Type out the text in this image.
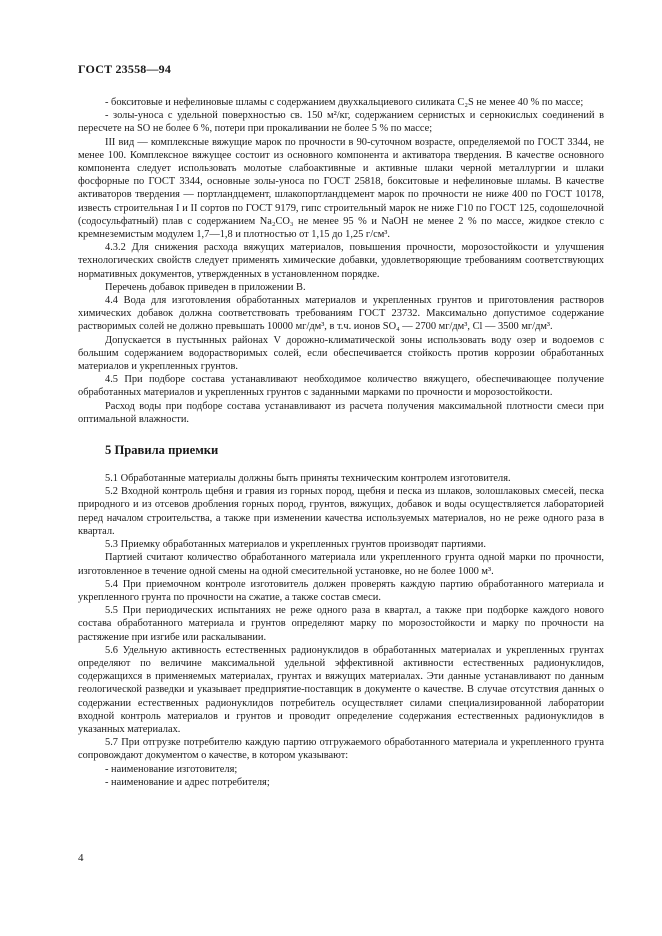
ГОСТ 23558—94

- бокситовые и нефелиновые шламы с содержанием двухкальциевого силиката C₂S не менее 40 % по массе;

- золы-уноса с удельной поверхностью св. 150 м²/кг, содержанием сернистых и сернокислых соединений в пересчете на SO не более 6 %, потери при прокаливании не более 5 % по массе;

III вид — комплексные вяжущие марок по прочности в 90-суточном возрасте, определяемой по ГОСТ 3344, не менее 100. Комплексное вяжущее состоит из основного компонента и активатора твердения. В качестве основного компонента следует использовать молотые слабоактивные и активные шлаки черной металлургии и шлаки фосфорные по ГОСТ 3344, основные золы-уноса по ГОСТ 25818, бокситовые и нефелиновые шламы. В качестве активаторов твердения — портландцемент, шлакопортландцемент марок по прочности не ниже 400 по ГОСТ 10178, известь строительная I и II сортов по ГОСТ 9179, гипс строительный марок не ниже Г10 по ГОСТ 125, содошелочной (содосульфатный) плав с содержанием Na₂CO₃ не менее 95 % и NaOH не менее 2 % по массе, жидкое стекло с кремнеземистым модулем 1,7—1,8 и плотностью от 1,15 до 1,25 г/см³.

4.3.2 Для снижения расхода вяжущих материалов, повышения прочности, морозостойкости и улучшения технологических свойств следует применять химические добавки, удовлетворяющие требованиям соответствующих нормативных документов, утвержденных в установленном порядке.

Перечень добавок приведен в приложении В.

4.4 Вода для изготовления обработанных материалов и укрепленных грунтов и приготовления растворов химических добавок должна соответствовать требованиям ГОСТ 23732. Максимально допустимое содержание растворимых солей не должно превышать 10000 мг/дм³, в т.ч. ионов SO₄ — 2700 мг/дм³, Cl — 3500 мг/дм³.

Допускается в пустынных районах V дорожно-климатической зоны использовать воду озер и водоемов с большим содержанием водорастворимых солей, если обеспечивается стойкость против коррозии обработанных материалов и укрепленных грунтов.

4.5 При подборе состава устанавливают необходимое количество вяжущего, обеспечивающее получение обработанных материалов и укрепленных грунтов с заданными марками по прочности и морозостойкости.

Расход воды при подборе состава устанавливают из расчета получения максимальной плотности смеси при оптимальной влажности.

5 Правила приемки

5.1 Обработанные материалы должны быть приняты техническим контролем изготовителя.

5.2 Входной контроль щебня и гравия из горных пород, щебня и песка из шлаков, золошлаковых смесей, песка природного и из отсевов дробления горных пород, грунтов, вяжущих, добавок и воды осуществляется лабораторией перед началом строительства, а также при изменении качества используемых материалов, но не реже одного раза в квартал.

5.3 Приемку обработанных материалов и укрепленных грунтов производят партиями.

Партией считают количество обработанного материала или укрепленного грунта одной марки по прочности, изготовленное в течение одной смены на одной смесительной установке, но не более 1000 м³.

5.4 При приемочном контроле изготовитель должен проверять каждую партию обработанного материала и укрепленного грунта по прочности на сжатие, а также состав смеси.

5.5 При периодических испытаниях не реже одного раза в квартал, а также при подборке каждого нового состава обработанного материала и грунтов определяют марку по морозостойкости и марку по прочности на растяжение при изгибе или раскалывании.

5.6 Удельную активность естественных радионуклидов в обработанных материалах и укрепленных грунтах определяют по величине максимальной удельной эффективной активности естественных радионуклидов, содержащихся в применяемых материалах, грунтах и вяжущих материалах. Эти данные устанавливают по данным геологической разведки и указывает предприятие-поставщик в документе о качестве. В случае отсутствия данных о содержании естественных радионуклидов потребитель осуществляет силами специализированной лаборатории входной контроль материалов и грунтов и проводит определение содержания естественных радионуклидов в указанных материалах.

5.7 При отгрузке потребителю каждую партию отгружаемого обработанного материала и укрепленного грунта сопровождают документом о качестве, в котором указывают:

- наименование изготовителя;

- наименование и адрес потребителя;

4
